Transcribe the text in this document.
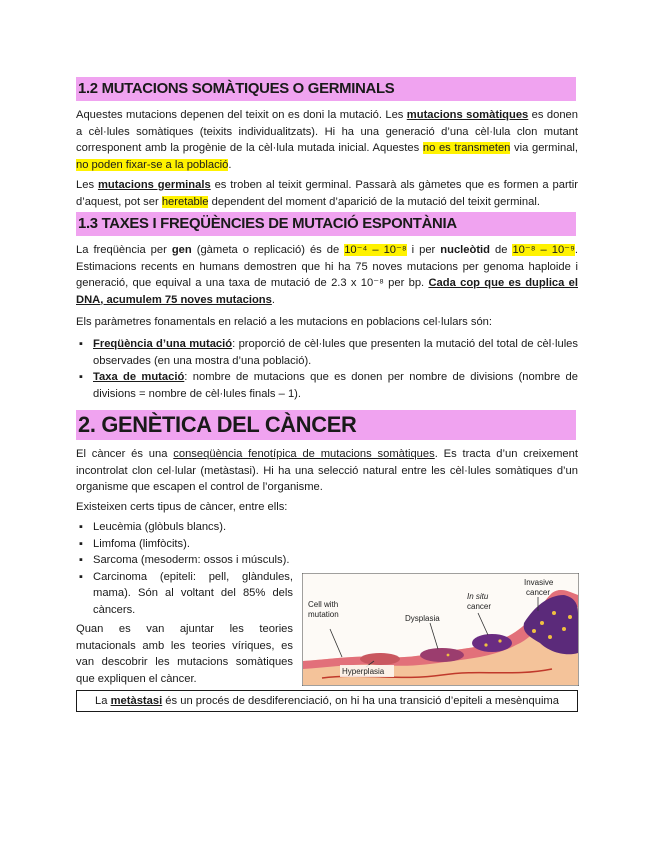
1.2 MUTACIONS SOMÀTIQUES O GERMINALS
Aquestes mutacions depenen del teixit on es doni la mutació. Les mutacions somàtiques es donen a cèl·lules somàtiques (teixits individualitzats). Hi ha una generació d’una cèl·lula clon mutant corresponent amb la progènie de la cèl·lula mutada inicial. Aquestes no es transmeten via germinal, no poden fixar-se a la població.
Les mutacions germinals es troben al teixit germinal. Passarà als gàmetes que es formen a partir d’aquest, pot ser heretable dependent del moment d’aparició de la mutació del teixit germinal.
1.3 TAXES I FREQÜÈNCIES DE MUTACIÓ ESPONTÀNIA
La freqüència per gen (gàmeta o replicació) és de 10⁻⁴ – 10⁻⁸ i per nucleòtid de 10⁻⁸ – 10⁻⁹. Estimacions recents en humans demostren que hi ha 75 noves mutacions per genoma haploide i generació, que equival a una taxa de mutació de 2.3 x 10⁻⁸ per bp. Cada cop que es duplica el DNA, acumulem 75 noves mutacions.
Els paràmetres fonamentals en relació a les mutacions en poblacions cel·lulars són:
▪ Freqüència d’una mutació: proporció de cèl·lules que presenten la mutació del total de cèl·lules observades (en una mostra d’una població).
▪ Taxa de mutació: nombre de mutacions que es donen per nombre de divisions (nombre de divisions = nombre de cèl·lules finals – 1).
2. GENÈTICA DEL CÀNCER
El càncer és una conseqüència fenotípica de mutacions somàtiques. Es tracta d’un creixement incontrolat clon cel·lular (metàstasi). Hi ha una selecció natural entre les cèl·lules somàtiques d’un organisme que escapen el control de l’organisme.
Existeixen certs tipus de càncer, entre ells:
▪ Leucèmia (glòbuls blancs).
▪ Limfoma (limfòcits).
▪ Sarcoma (mesoderm: ossos i músculs).
▪ Carcinoma (epiteli: pell, glàndules, mama). Són al voltant del 85% dels càncers.
Quan es van ajuntar les teories mutacionals amb les teories víriques, es van descobrir les mutacions somàtiques que expliquen el càncer.
Cell with
mutation	Dysplasia
In situ
cancer
Invasive
cancer
Hyperplasia
La metàstasi és un procés de desdiferenciació, on hi ha una transició d’epiteli a mesènquima
